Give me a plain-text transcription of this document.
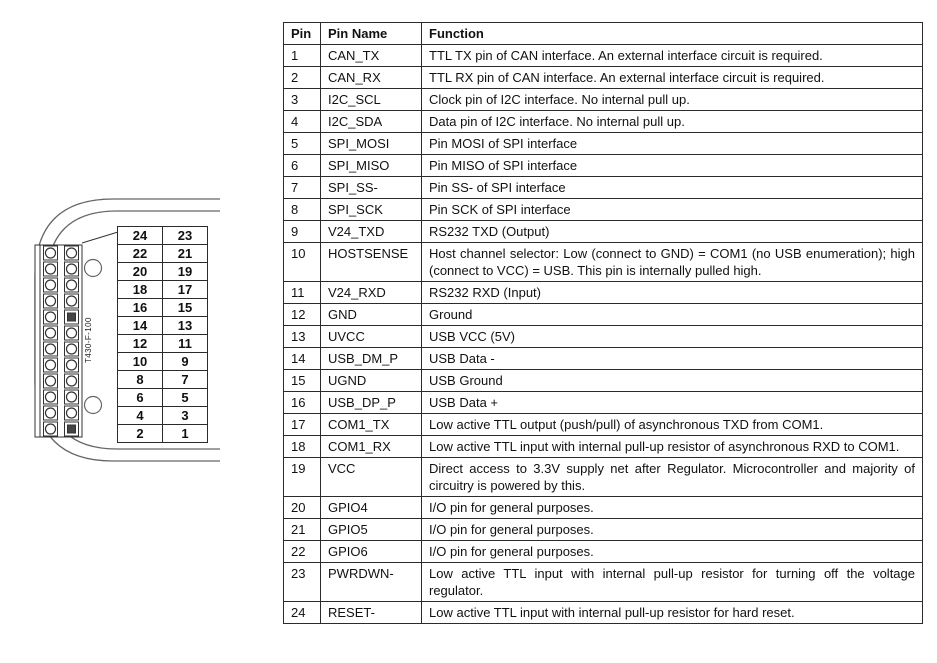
T430-F-100
24	23
22	21
20	19
18	17
16	15
14	13
12	11
10	9
8	7
6	5
4	3
2	1
Pin	Pin Name	Function
1	CAN_TX	TTL TX pin of CAN interface. An external interface circuit is required.
2	CAN_RX	TTL RX pin of CAN interface. An external interface circuit is required.
3	I2C_SCL	Clock pin of I2C interface. No internal pull up.
4	I2C_SDA	Data pin of I2C interface. No internal pull up.
5	SPI_MOSI	Pin MOSI of SPI interface
6	SPI_MISO	Pin MISO of SPI interface
7	SPI_SS-	Pin SS- of SPI interface
8	SPI_SCK	Pin SCK of SPI interface
9	V24_TXD	RS232 TXD (Output)
10	HOSTSENSE	Host channel selector: Low (connect to GND) = COM1 (no USB enumeration); high (connect to VCC) = USB. This pin is internally pulled high.
11	V24_RXD	RS232 RXD (Input)
12	GND	Ground
13	UVCC	USB VCC (5V)
14	USB_DM_P	USB Data -
15	UGND	USB Ground
16	USB_DP_P	USB Data +
17	COM1_TX	Low active TTL output (push/pull) of asynchronous TXD from COM1.
18	COM1_RX	Low active TTL input with internal pull-up resistor of asynchronous RXD to COM1.
19	VCC	Direct access to 3.3V supply net after Regulator. Microcontroller and majority of circuitry is powered by this.
20	GPIO4	I/O pin for general purposes.
21	GPIO5	I/O pin for general purposes.
22	GPIO6	I/O pin for general purposes.
23	PWRDWN-	Low active TTL input with internal pull-up resistor for turning off the voltage regulator.
24	RESET-	Low active TTL input with internal pull-up resistor for hard reset.
